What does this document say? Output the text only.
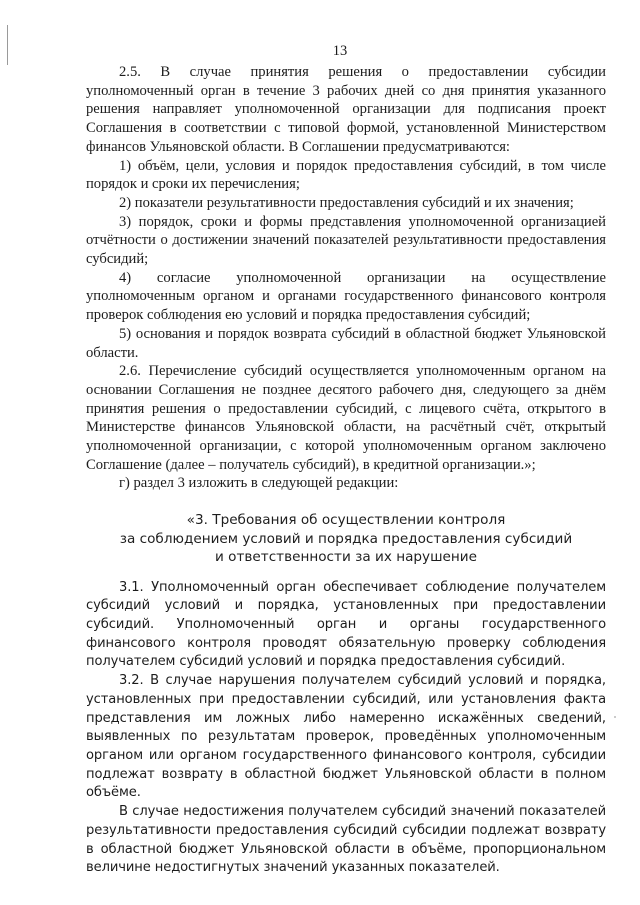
13

2.5. В случае принятия решения о предоставлении субсидии уполномоченный орган в течение 3 рабочих дней со дня принятия указанного решения направляет уполномоченной организации для подписания проект Соглашения в соответствии с типовой формой, установленной Министерством финансов Ульяновской области. В Соглашении предусматриваются:

1) объём, цели, условия и порядок предоставления субсидий, в том числе порядок и сроки их перечисления;

2) показатели результативности предоставления субсидий и их значения;

3) порядок, сроки и формы представления уполномоченной организацией отчётности о достижении значений показателей результативности предоставления субсидий;

4) согласие уполномоченной организации на осуществление уполномоченным органом и органами государственного финансового контроля проверок соблюдения ею условий и порядка предоставления субсидий;

5) основания и порядок возврата субсидий в областной бюджет Ульяновской области.

2.6. Перечисление субсидий осуществляется уполномоченным органом на основании Соглашения не позднее десятого рабочего дня, следующего за днём принятия решения о предоставлении субсидий, с лицевого счёта, открытого в Министерстве финансов Ульяновской области, на расчётный счёт, открытый уполномоченной организации, с которой уполномоченным органом заключено Соглашение (далее – получатель субсидий), в кредитной организации.»;

г) раздел 3 изложить в следующей редакции:

«3. Требования об осуществлении контроля
за соблюдением условий и порядка предоставления субсидий
и ответственности за их нарушение

3.1. Уполномоченный орган обеспечивает соблюдение получателем субсидий условий и порядка, установленных при предоставлении субсидий. Уполномоченный орган и органы государственного финансового контроля проводят обязательную проверку соблюдения получателем субсидий условий и порядка предоставления субсидий.

3.2. В случае нарушения получателем субсидий условий и порядка, установленных при предоставлении субсидий, или установления факта представления им ложных либо намеренно искажённых сведений, выявленных по результатам проверок, проведённых уполномоченным органом или органом государственного финансового контроля, субсидии подлежат возврату в областной бюджет Ульяновской области в полном объёме.

В случае недостижения получателем субсидий значений показателей результативности предоставления субсидий субсидии подлежат возврату в областной бюджет Ульяновской области в объёме, пропорциональном величине недостигнутых значений указанных показателей.
